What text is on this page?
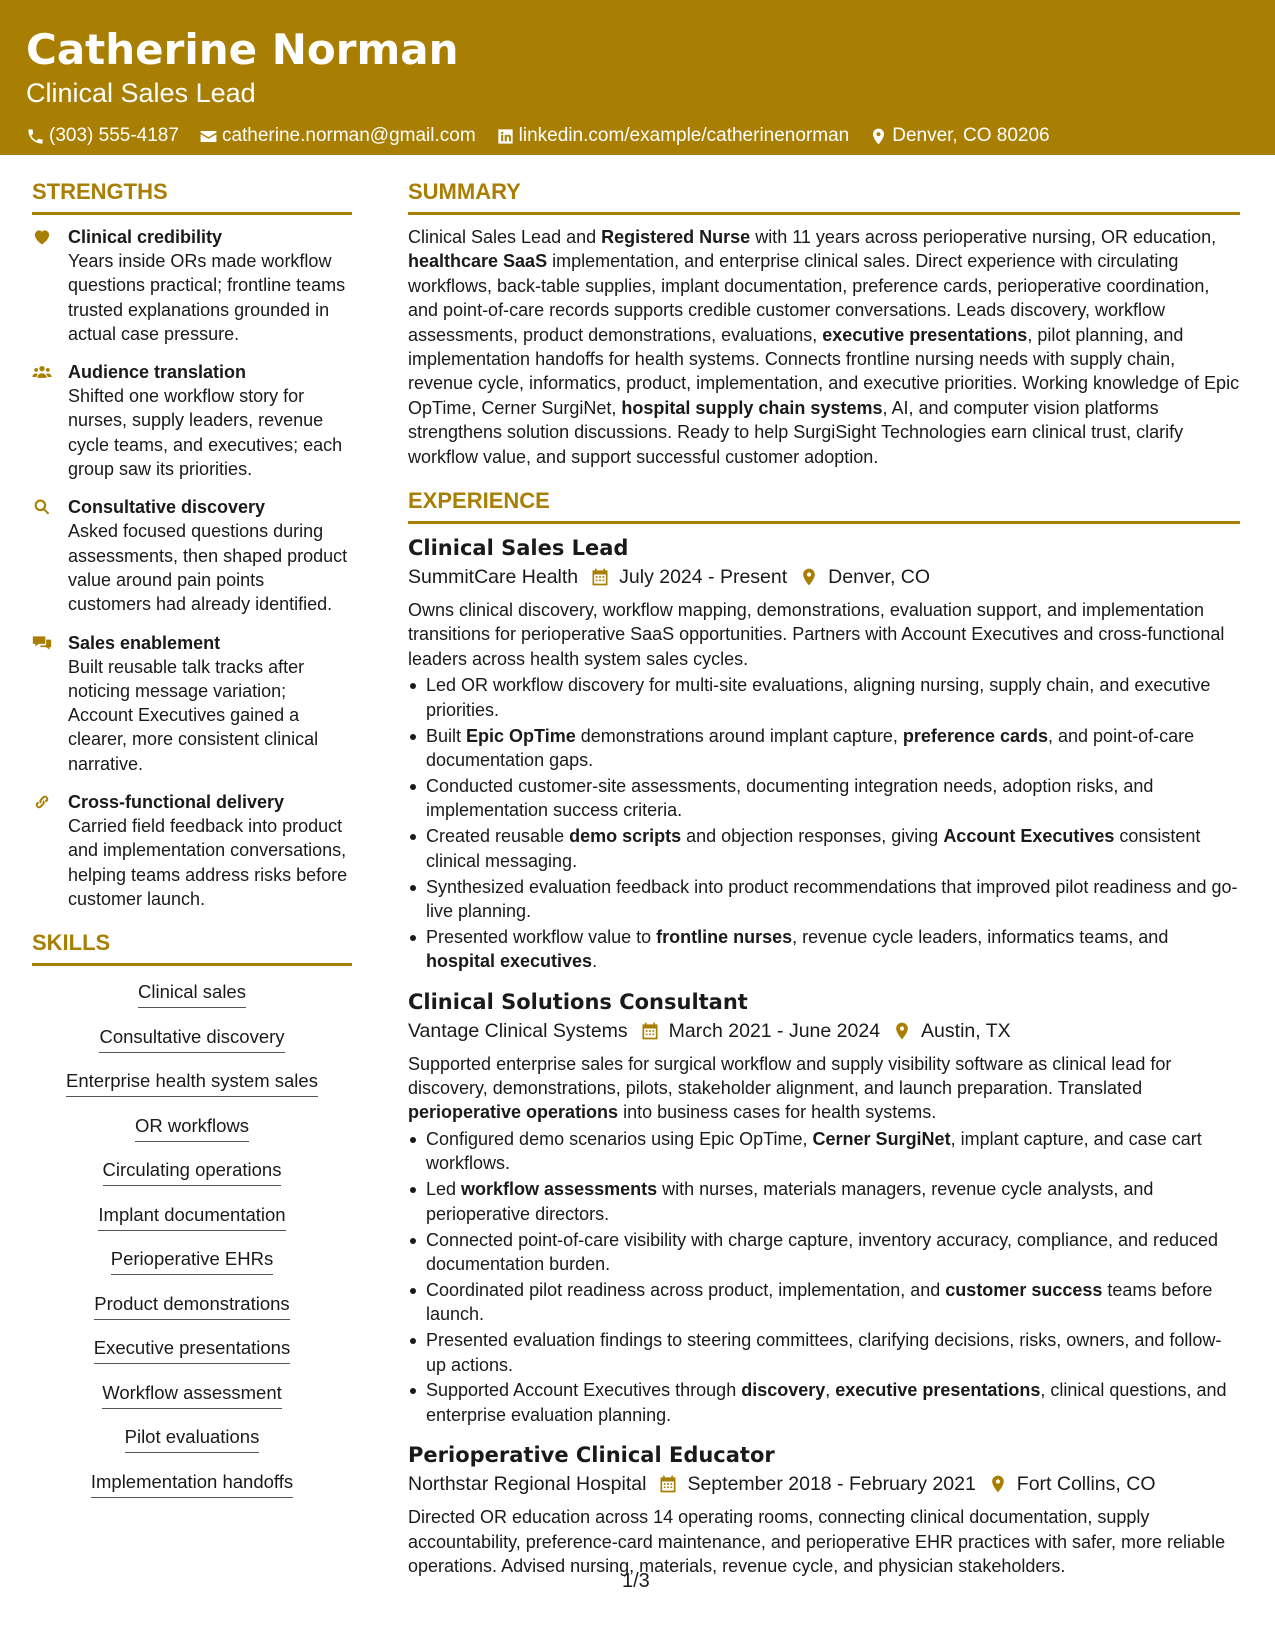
Catherine Norman
Clinical Sales Lead
(303) 555-4187 catherine.norman@gmail.com linkedin.com/example/catherinenorman Denver, CO 80206
STRENGTHS
Clinical credibility
Years inside ORs made workflow questions practical; frontline teams trusted explanations grounded in actual case pressure.
Audience translation
Shifted one workflow story for nurses, supply leaders, revenue cycle teams, and executives; each group saw its priorities.
Consultative discovery
Asked focused questions during assessments, then shaped product value around pain points customers had already identified.
Sales enablement
Built reusable talk tracks after noticing message variation; Account Executives gained a clearer, more consistent clinical narrative.
Cross-functional delivery
Carried field feedback into product and implementation conversations, helping teams address risks before customer launch.
SKILLS
Clinical sales
Consultative discovery
Enterprise health system sales
OR workflows
Circulating operations
Implant documentation
Perioperative EHRs
Product demonstrations
Executive presentations
Workflow assessment
Pilot evaluations
Implementation handoffs
SUMMARY
Clinical Sales Lead and Registered Nurse with 11 years across perioperative nursing, OR education, healthcare SaaS implementation, and enterprise clinical sales. Direct experience with circulating workflows, back-table supplies, implant documentation, preference cards, perioperative coordination, and point-of-care records supports credible customer conversations. Leads discovery, workflow assessments, product demonstrations, evaluations, executive presentations, pilot planning, and implementation handoffs for health systems. Connects frontline nursing needs with supply chain, revenue cycle, informatics, product, implementation, and executive priorities. Working knowledge of Epic OpTime, Cerner SurgiNet, hospital supply chain systems, AI, and computer vision platforms strengthens solution discussions. Ready to help SurgiSight Technologies earn clinical trust, clarify workflow value, and support successful customer adoption.
EXPERIENCE
Clinical Sales Lead
SummitCare Health July 2024 - Present Denver, CO
Owns clinical discovery, workflow mapping, demonstrations, evaluation support, and implementation transitions for perioperative SaaS opportunities. Partners with Account Executives and cross-functional leaders across health system sales cycles.
Led OR workflow discovery for multi-site evaluations, aligning nursing, supply chain, and executive priorities.
Built Epic OpTime demonstrations around implant capture, preference cards, and point-of-care documentation gaps.
Conducted customer-site assessments, documenting integration needs, adoption risks, and implementation success criteria.
Created reusable demo scripts and objection responses, giving Account Executives consistent clinical messaging.
Synthesized evaluation feedback into product recommendations that improved pilot readiness and go-live planning.
Presented workflow value to frontline nurses, revenue cycle leaders, informatics teams, and hospital executives.
Clinical Solutions Consultant
Vantage Clinical Systems March 2021 - June 2024 Austin, TX
Supported enterprise sales for surgical workflow and supply visibility software as clinical lead for discovery, demonstrations, pilots, stakeholder alignment, and launch preparation. Translated perioperative operations into business cases for health systems.
Configured demo scenarios using Epic OpTime, Cerner SurgiNet, implant capture, and case cart workflows.
Led workflow assessments with nurses, materials managers, revenue cycle analysts, and perioperative directors.
Connected point-of-care visibility with charge capture, inventory accuracy, compliance, and reduced documentation burden.
Coordinated pilot readiness across product, implementation, and customer success teams before launch.
Presented evaluation findings to steering committees, clarifying decisions, risks, owners, and follow-up actions.
Supported Account Executives through discovery, executive presentations, clinical questions, and enterprise evaluation planning.
Perioperative Clinical Educator
Northstar Regional Hospital September 2018 - February 2021 Fort Collins, CO
Directed OR education across 14 operating rooms, connecting clinical documentation, supply accountability, preference-card maintenance, and perioperative EHR practices with safer, more reliable operations. Advised nursing, materials, revenue cycle, and physician stakeholders.
1/3
